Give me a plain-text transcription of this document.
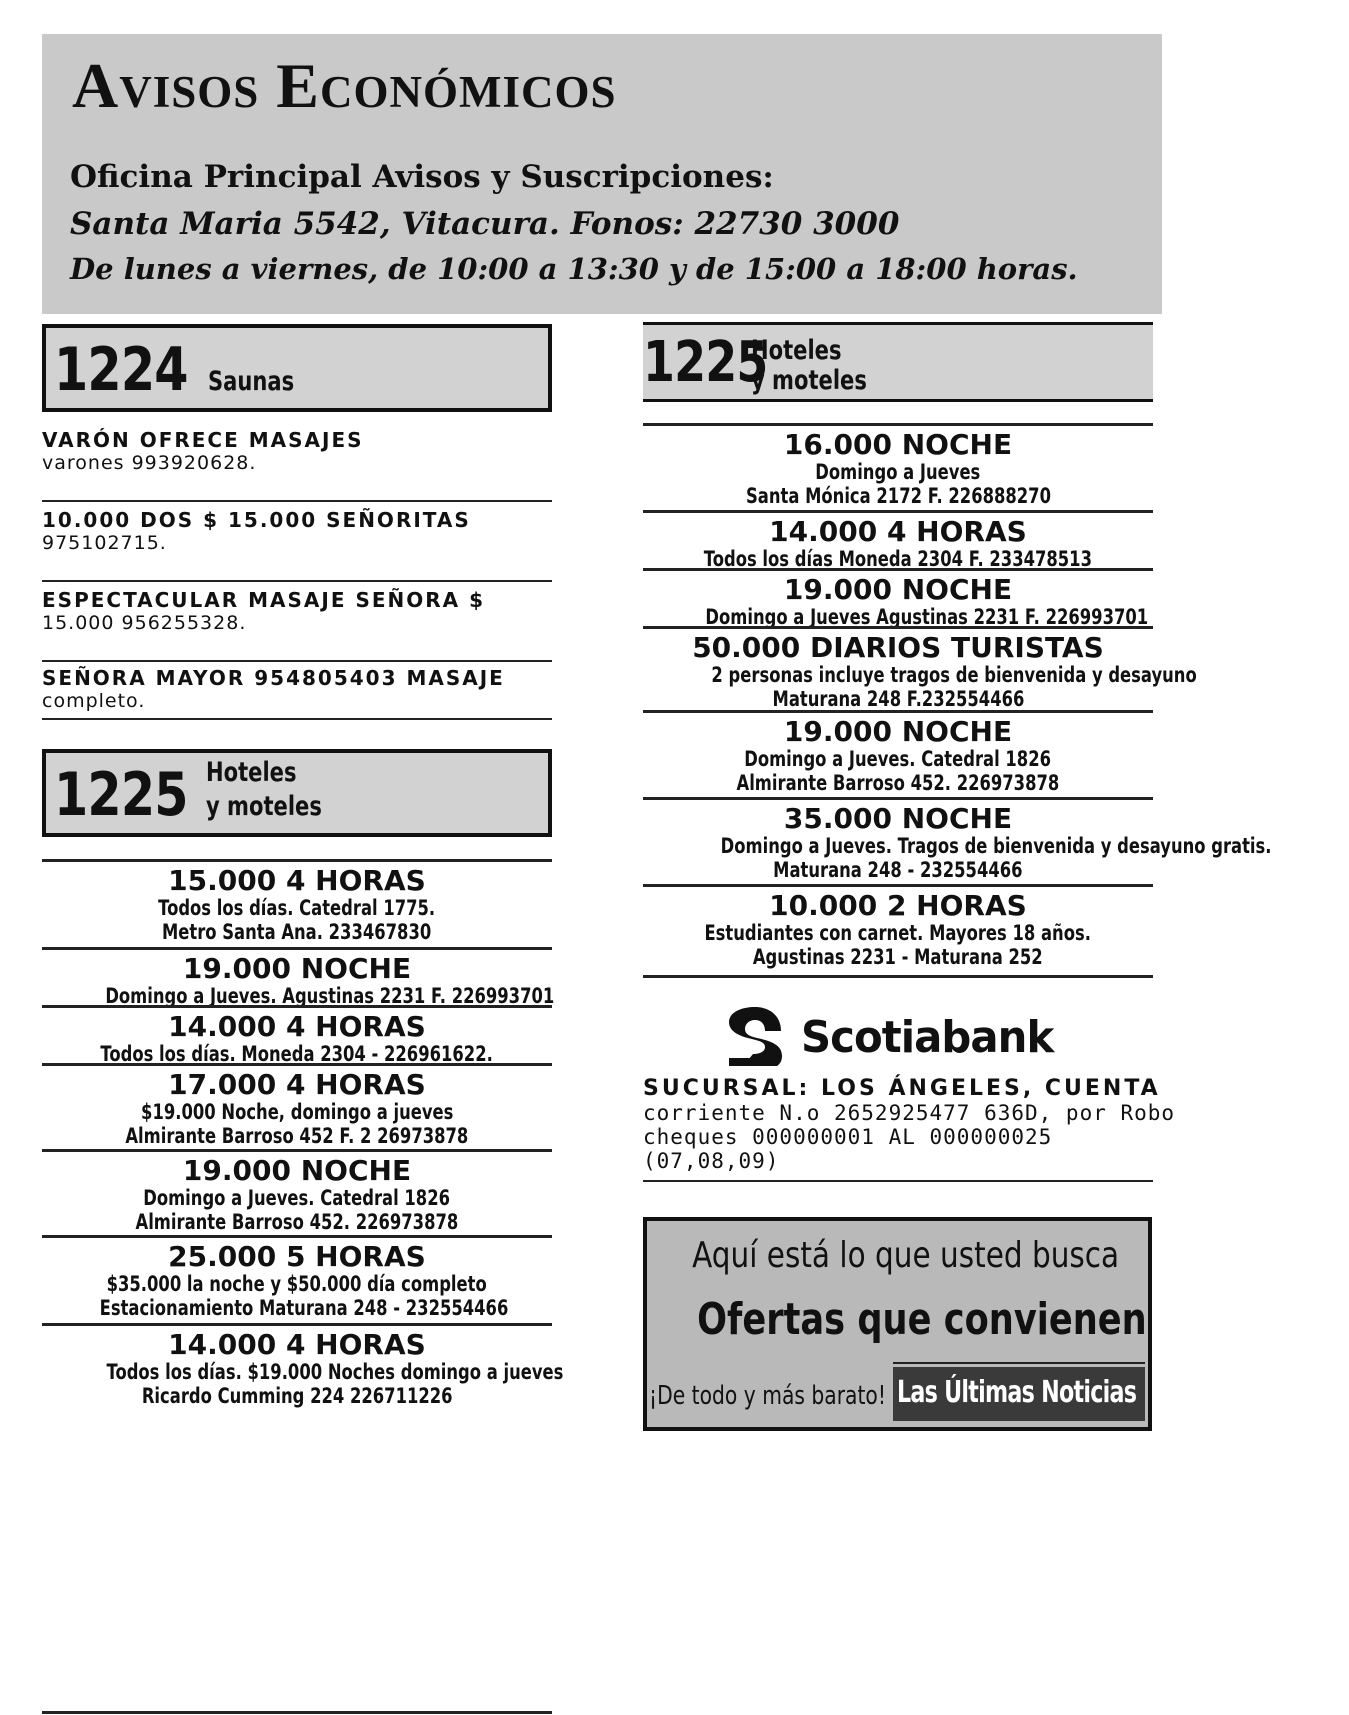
Avisos Económicos

Oficina Principal Avisos y Suscripciones:

Santa Maria 5542, Vitacura. Fonos: 22730 3000

De lunes a viernes, de 10:00 a 13:30 y de 15:00 a 18:00 horas.

1224 Saunas
VARÓN OFRECE MASAJES
varones 993920628.
10.000 DOS $ 15.000 SEÑORITAS
975102715.
ESPECTACULAR MASAJE SEÑORA $
15.000 956255328.
SEÑORA MAYOR 954805403 MASAJE
completo.
1225 Hoteles
y moteles
15.000 4 HORAS
Todos los días. Catedral 1775.
Metro Santa Ana. 233467830
19.000 NOCHE
Domingo a Jueves. Agustinas 2231 F. 226993701
14.000 4 HORAS
Todos los días. Moneda 2304 - 226961622.
17.000 4 HORAS
$19.000 Noche, domingo a jueves
Almirante Barroso 452 F. 2 26973878
19.000 NOCHE
Domingo a Jueves. Catedral 1826
Almirante Barroso 452. 226973878
25.000 5 HORAS
$35.000 la noche y $50.000 día completo
Estacionamiento Maturana 248 - 232554466
14.000 4 HORAS
Todos los días. $19.000 Noches domingo a jueves
Ricardo Cumming 224 226711226
1225
Hoteles
y moteles
16.000 NOCHE
Domingo a Jueves
Santa Mónica 2172 F. 226888270
14.000 4 HORAS
Todos los días Moneda 2304 F. 233478513
19.000 NOCHE
Domingo a Jueves Agustinas 2231 F. 226993701
50.000 DIARIOS TURISTAS
2 personas incluye tragos de bienvenida y desayuno
Maturana 248 F.232554466
19.000 NOCHE
Domingo a Jueves. Catedral 1826
Almirante Barroso 452. 226973878
35.000 NOCHE
Domingo a Jueves. Tragos de bienvenida y desayuno gratis.
Maturana 248 - 232554466
10.000 2 HORAS
Estudiantes con carnet. Mayores 18 años.
Agustinas 2231 - Maturana 252
Scotiabank
SUCURSAL: LOS ÁNGELES, CUENTA
corriente N.o 2652925477 636D, por Robo
cheques 000000001 AL 000000025
(07,08,09)
Aquí está lo que usted busca
Ofertas que convienen
¡De todo y más barato! Las Últimas Noticias
